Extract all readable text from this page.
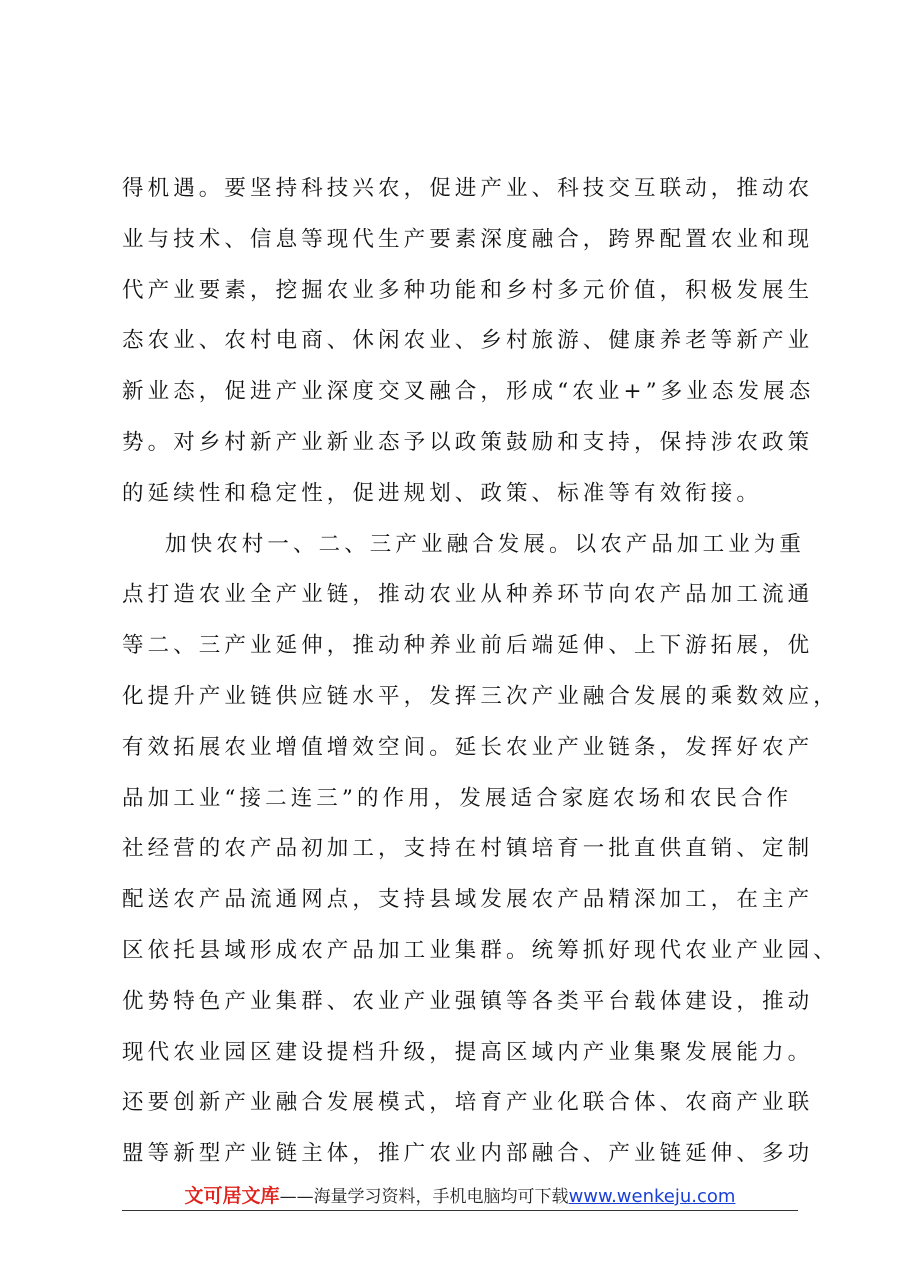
得机遇。要坚持科技兴农，促进产业、科技交互联动，推动农
业与技术、信息等现代生产要素深度融合，跨界配置农业和现
代产业要素，挖掘农业多种功能和乡村多元价值，积极发展生
态农业、农村电商、休闲农业、乡村旅游、健康养老等新产业
新业态，促进产业深度交叉融合，形成“农业+”多业态发展态
势。对乡村新产业新业态予以政策鼓励和支持，保持涉农政策
的延续性和稳定性，促进规划、政策、标准等有效衔接。
加快农村一、二、三产业融合发展。以农产品加工业为重
点打造农业全产业链，推动农业从种养环节向农产品加工流通
等二、三产业延伸，推动种养业前后端延伸、上下游拓展，优
化提升产业链供应链水平，发挥三次产业融合发展的乘数效应，
有效拓展农业增值增效空间。延长农业产业链条，发挥好农产
品加工业“接二连三”的作用，发展适合家庭农场和农民合作
社经营的农产品初加工，支持在村镇培育一批直供直销、定制
配送农产品流通网点，支持县域发展农产品精深加工，在主产
区依托县域形成农产品加工业集群。统筹抓好现代农业产业园、
优势特色产业集群、农业产业强镇等各类平台载体建设，推动
现代农业园区建设提档升级，提高区域内产业集聚发展能力。
还要创新产业融合发展模式，培育产业化联合体、农商产业联
盟等新型产业链主体，推广农业内部融合、产业链延伸、多功
文可居文库——海量学习资料，手机电脑均可下载www.wenkeju.com
